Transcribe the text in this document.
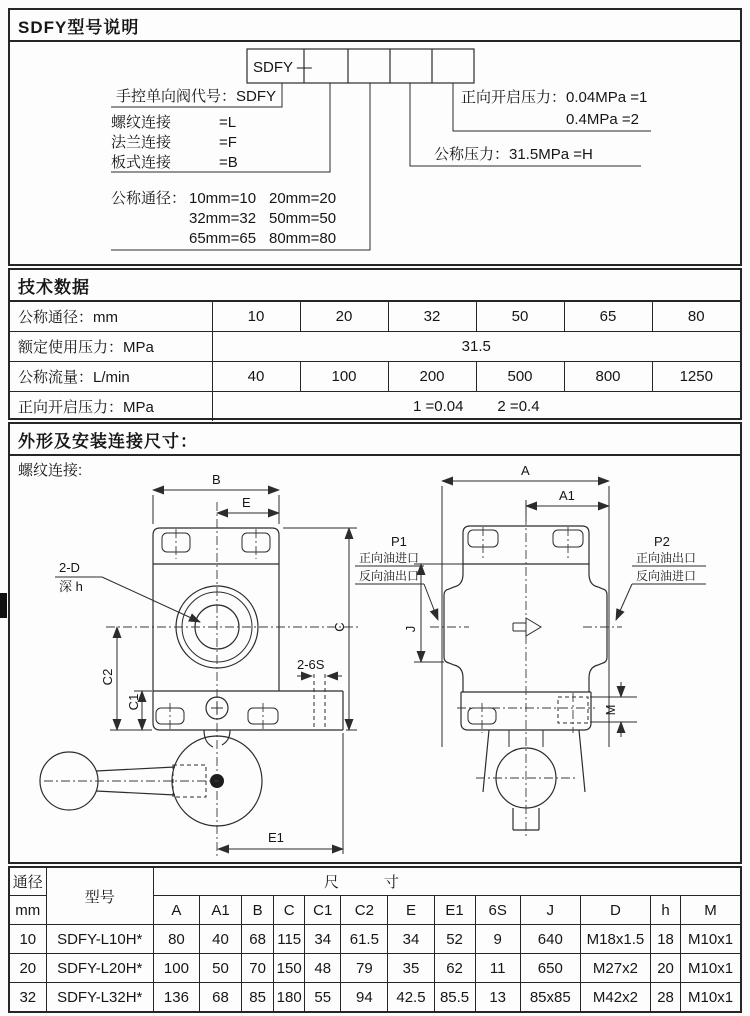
SDFY型号说明
SDFY —
手控单向阀代号：SDFY
螺纹连接	=L
法兰连接	=F
板式连接	=B
公称通径： 10mm=10 20mm=20
32mm=32 50mm=50
65mm=65 80mm=80
公称压力：31.5MPa =H
正向开启压力：0.04MPa =1
0.4MPa =2
技术数据
公称通径：mm	10	20	32	50	65	80
额定使用压力：MPa	31.5					
公称流量：L/min	40	100	200	500	800	1250
正向开启压力：MPa	1 =0.04 2 =0.4					
外形及安装连接尺寸：
螺纹连接:
B
E
C
C2
C1
2-D
深 h
2-6S
E1
A
A1
M
J
P1
正向油进口
反向油出口
P2
正向油出口
反向油进口
通径	型号	尺　　　寸												
mm		A	A1	B	C	C1	C2	E	E1	6S	J	D	h	M
10	SDFY-L10H*	80	40	68	115	34	61.5	34	52	9	640	M18x1.5	18	M10x1
20	SDFY-L20H*	100	50	70	150	48	79	35	62	11	650	M27x2	20	M10x1
32	SDFY-L32H*	136	68	85	180	55	94	42.5	85.5	13	85x85	M42x2	28	M10x1
